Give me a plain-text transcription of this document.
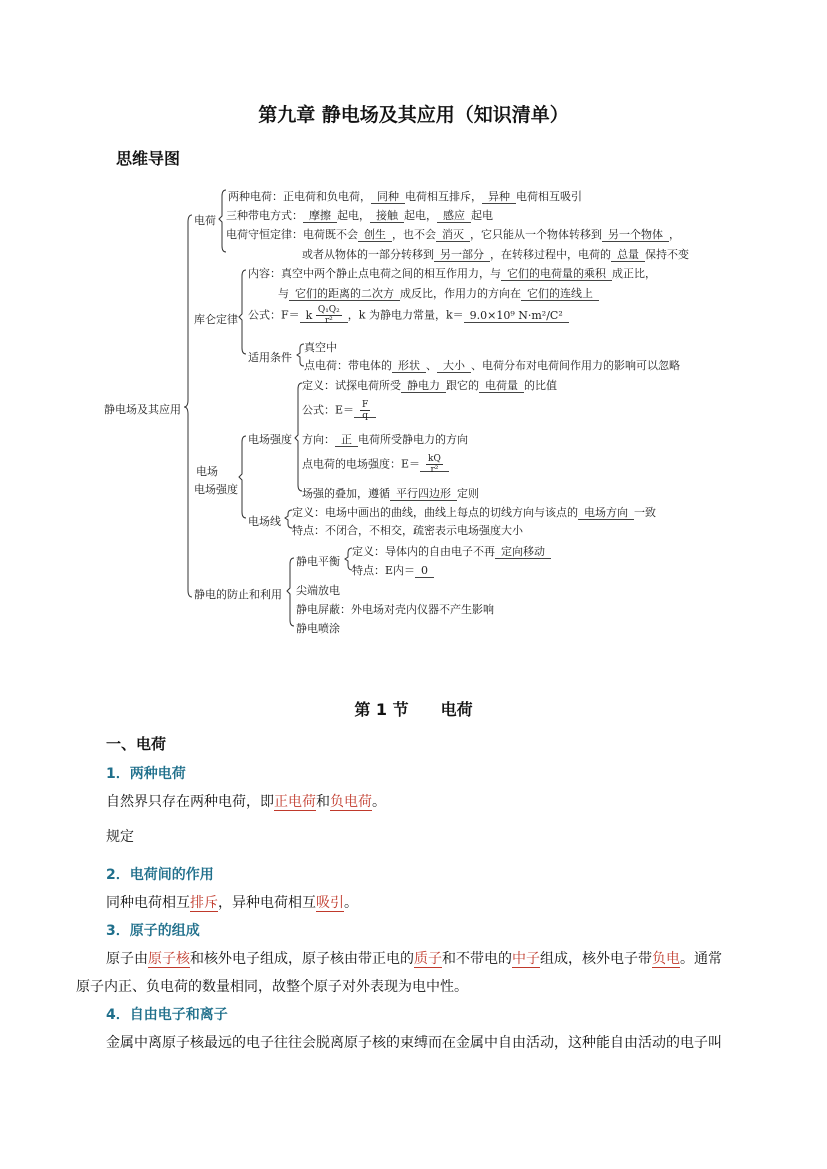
第九章 静电场及其应用（知识清单）
思维导图
静电场及其应用
电荷
两种电荷：正电荷和负电荷， 同种 电荷相互排斥， 异种 电荷相互吸引
三种带电方式： 摩擦 起电， 接触 起电， 感应 起电
电荷守恒定律：电荷既不会 创生 ，也不会 消灭 ，它只能从一个物体转移到 另一个物体 ，
或者从物体的一部分转移到 另一部分 ，在转移过程中，电荷的 总量 保持不变
库仑定律
内容：真空中两个静止点电荷之间的相互作用力，与 它们的电荷量的乘积 成正比，
与 它们的距离的二次方 成反比，作用力的方向在 它们的连线上
公式：F＝ k $\frac{\text{Q₁Q₂}}{\text{r²}}$ ，k 为静电力常量，k＝ 9.0×10⁹ N·m²/C²
适用条件
真空中
点电荷：带电体的 形状 、 大小 、电荷分布对电荷间作用力的影响可以忽略
电场
电场强度
电场强度
定义：试探电荷所受 静电力 跟它的 电荷量 的比值
公式：$E= \frac{F}{q}$
方向： 正 电荷所受静电力的方向
点电荷的电场强度：$E= \frac{kQ}{\text{r²}}$
场强的叠加，遵循 平行四边形 定则
电场线
定义：电场中画出的曲线，曲线上每点的切线方向与该点的 电场方向 一致
特点：不闭合，不相交，疏密表示电场强度大小
静电的防止和利用
静电平衡
定义：导体内的自由电子不再 定向移动
特点：E内＝ 0
尖端放电
静电屏蔽：外电场对壳内仪器不产生影响
静电喷涂
第 1 节　　电荷
一、电荷
1．两种电荷
自然界只存在两种电荷，即正电荷和负电荷。
规定
2．电荷间的作用
同种电荷相互排斥，异种电荷相互吸引。
3．原子的组成
原子由原子核和核外电子组成，原子核由带正电的质子和不带电的中子组成，核外电子带负电。通常
原子内正、负电荷的数量相同，故整个原子对外表现为电中性。
4．自由电子和离子
金属中离原子核最远的电子往往会脱离原子核的束缚而在金属中自由活动，这种能自由活动的电子叫
